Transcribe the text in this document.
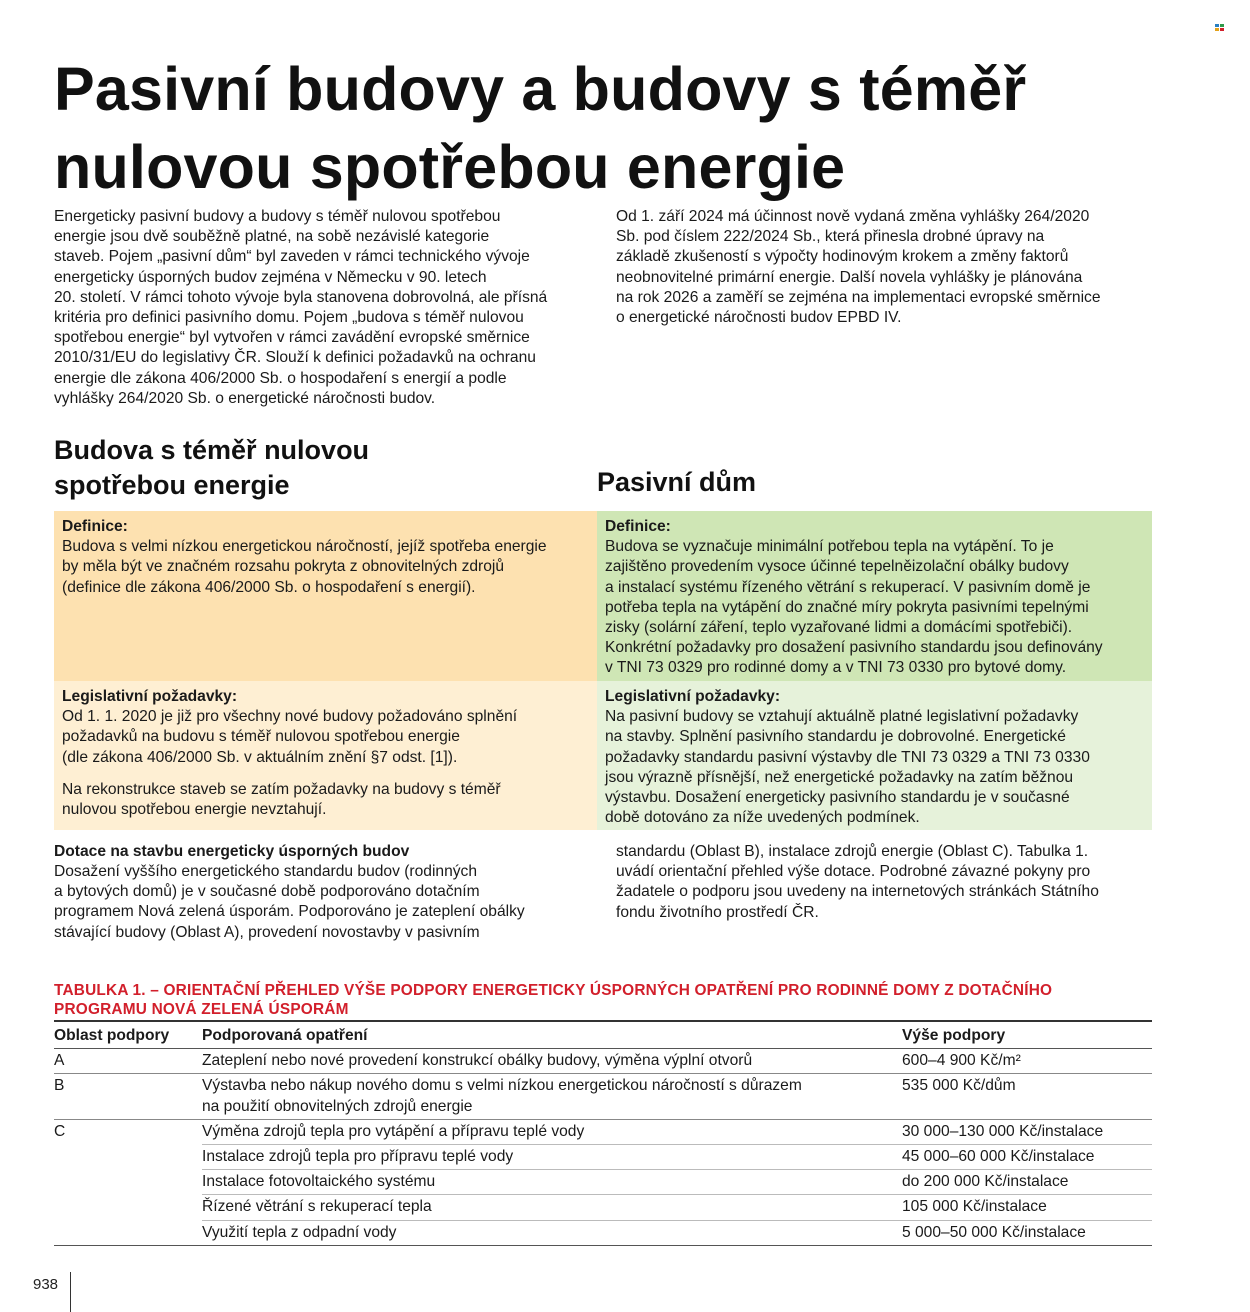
Pasivní budovy a budovy s téměř nulovou spotřebou energie
Energeticky pasivní budovy a budovy s téměř nulovou spotřebou
energie jsou dvě souběžně platné, na sobě nezávislé kategorie
staveb. Pojem „pasivní dům“ byl zaveden v rámci technického vývoje
energeticky úsporných budov zejména v Německu v 90. letech
20. století. V rámci tohoto vývoje byla stanovena dobrovolná, ale přísná
kritéria pro definici pasivního domu. Pojem „budova s téměř nulovou
spotřebou energie“ byl vytvořen v rámci zavádění evropské směrnice
2010/31/EU do legislativy ČR. Slouží k definici požadavků na ochranu
energie dle zákona 406/2000 Sb. o hospodaření s energií a podle
vyhlášky 264/2020 Sb. o energetické náročnosti budov.
Od 1. září 2024 má účinnost nově vydaná změna vyhlášky 264/2020
Sb. pod číslem 222/2024 Sb., která přinesla drobné úpravy na
základě zkušeností s výpočty hodinovým krokem a změny faktorů
neobnovitelné primární energie. Další novela vyhlášky je plánována
na rok 2026 a zaměří se zejména na implementaci evropské směrnice
o energetické náročnosti budov EPBD IV.
Budova s téměř nulovou
spotřebou energie	Pasivní dům
Definice:
Budova s velmi nízkou energetickou náročností, jejíž spotřeba energie
by měla být ve značném rozsahu pokryta z obnovitelných zdrojů
(definice dle zákona 406/2000 Sb. o hospodaření s energií).
Legislativní požadavky:
Od 1. 1. 2020 je již pro všechny nové budovy požadováno splnění
požadavků na budovu s téměř nulovou spotřebou energie
(dle zákona 406/2000 Sb. v aktuálním znění §7 odst. [1]).
Na rekonstrukce staveb se zatím požadavky na budovy s téměř
nulovou spotřebou energie nevztahují.
Definice:
Budova se vyznačuje minimální potřebou tepla na vytápění. To je
zajištěno provedením vysoce účinné tepelněizolační obálky budovy
a instalací systému řízeného větrání s rekuperací. V pasivním domě je
potřeba tepla na vytápění do značné míry pokryta pasivními tepelnými
zisky (solární záření, teplo vyzařované lidmi a domácími spotřebiči).
Konkrétní požadavky pro dosažení pasivního standardu jsou definovány
v TNI 73 0329 pro rodinné domy a v TNI 73 0330 pro bytové domy.
Legislativní požadavky:
Na pasivní budovy se vztahují aktuálně platné legislativní požadavky
na stavby. Splnění pasivního standardu je dobrovolné. Energetické
požadavky standardu pasivní výstavby dle TNI 73 0329 a TNI 73 0330
jsou výrazně přísnější, než energetické požadavky na zatím běžnou
výstavbu. Dosažení energeticky pasivního standardu je v současné
době dotováno za níže uvedených podmínek.
Dotace na stavbu energeticky úsporných budov
Dosažení vyššího energetického standardu budov (rodinných
a bytových domů) je v současné době podporováno dotačním
programem Nová zelená úsporám. Podporováno je zateplení obálky
stávající budovy (Oblast A), provedení novostavby v pasivním
standardu (Oblast B), instalace zdrojů energie (Oblast C). Tabulka 1.
uvádí orientační přehled výše dotace. Podrobné závazné pokyny pro
žadatele o podporu jsou uvedeny na internetových stránkách Státního
fondu životního prostředí ČR.
TABULKA 1. – ORIENTAČNÍ PŘEHLED VÝŠE PODPORY ENERGETICKY ÚSPORNÝCH OPATŘENÍ PRO RODINNÉ DOMY Z DOTAČNÍHO
PROGRAMU NOVÁ ZELENÁ ÚSPORÁM
Oblast podpory	Podporovaná opatření	Výše podpory
A	Zateplení nebo nové provedení konstrukcí obálky budovy, výměna výplní otvorů	600–4 900 Kč/m²
B	Výstavba nebo nákup nového domu s velmi nízkou energetickou náročností s důrazem
na použití obnovitelných zdrojů energie	535 000 Kč/dům
C	Výměna zdrojů tepla pro vytápění a přípravu teplé vody	30 000–130 000 Kč/instalace
	Instalace zdrojů tepla pro přípravu teplé vody	45 000–60 000 Kč/instalace
	Instalace fotovoltaického systému	do 200 000 Kč/instalace
	Řízené větrání s rekuperací tepla	105 000 Kč/instalace
	Využití tepla z odpadní vody	5 000–50 000 Kč/instalace
938
